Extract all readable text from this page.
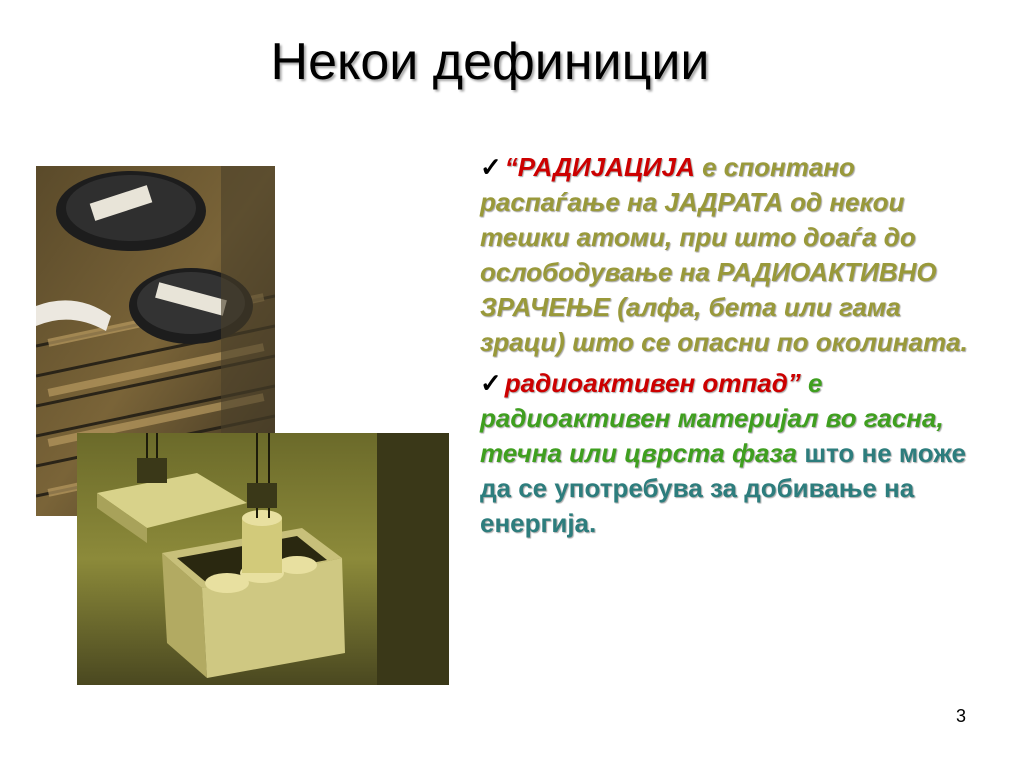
Некои дефиниции

✓ “РАДИЈАЦИЈА е спонтано распаѓање на ЈАДРАТА од некои тешки атоми, при што доаѓа до ослободување на РАДИОАКТИВНО ЗРАЧЕЊЕ (алфа, бета или гама зраци) што се опасни по околината.

✓ радиоактивен отпад” е радиоактивен материјал во гасна, течна или цврста фаза што не може да се употребува за добивање на енергија.

3
